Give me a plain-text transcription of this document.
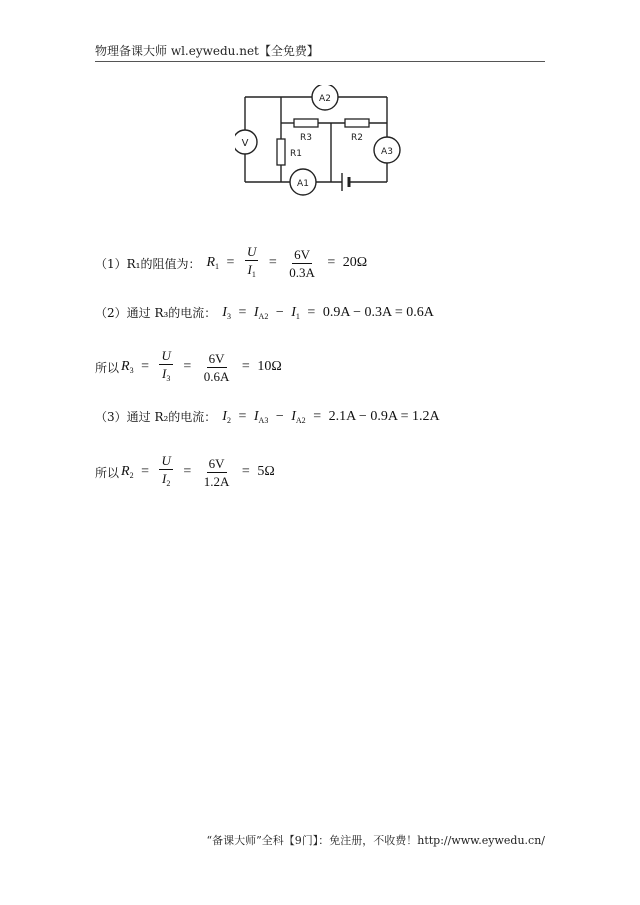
物理备课大师 wl.eywedu.net【全免费】
V
A2
A1
A3
R3	R2
R1
（1）R₁的阻值为： $R_1 = \frac{U}{I_1} = \frac{6V}{0.3A} = 20\Omega$
（2）通过 R₃的电流： $I_3 = I_{A2} - I_1 = 0.9A - 0.3A = 0.6A$
所以 $R_3 = \frac{U}{I_3} = \frac{6V}{0.6A} = 10\Omega$
（3）通过 R₂的电流： $I_2 = I_{A3} - I_{A2} = 2.1A - 0.9A = 1.2A$
所以 $R_2 = \frac{U}{I_2} = \frac{6V}{1.2A} = 5\Omega$
“备课大师”全科【9门】：免注册，不收费！http://www.eywedu.cn/
